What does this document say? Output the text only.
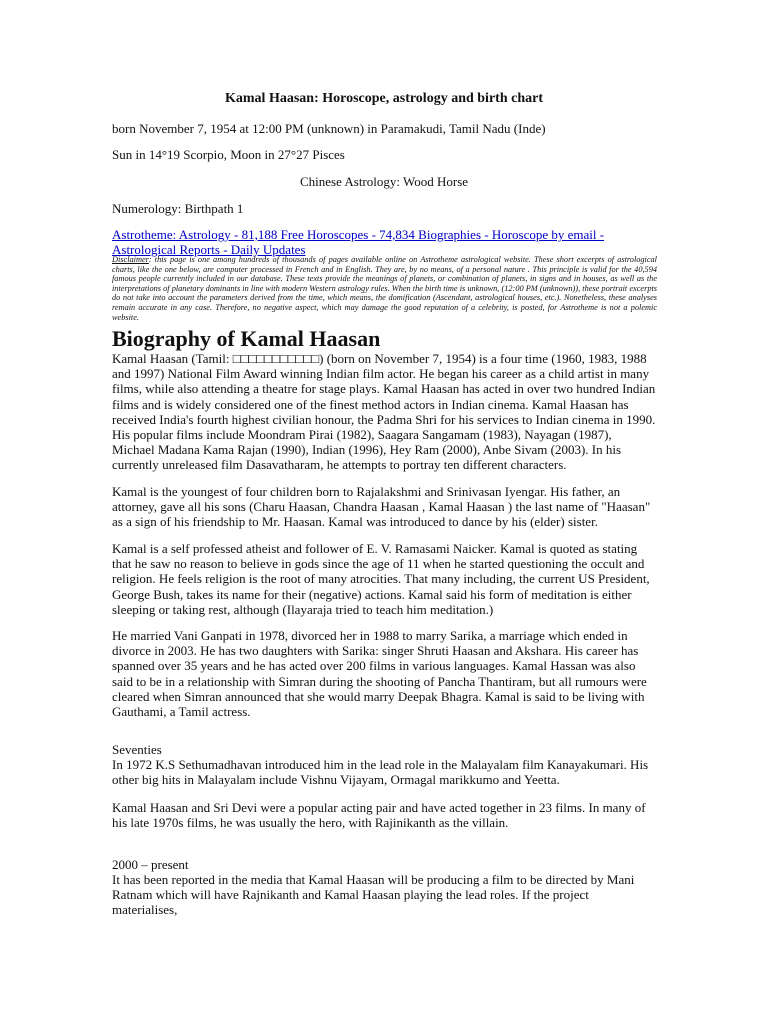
Kamal Haasan: Horoscope, astrology and birth chart
born November 7, 1954 at 12:00 PM (unknown) in Paramakudi, Tamil Nadu (Inde)
Sun in 14°19 Scorpio, Moon in 27°27 Pisces
Chinese Astrology: Wood Horse
Numerology: Birthpath 1
Astrotheme: Astrology - 81,188 Free Horoscopes - 74,834 Biographies - Horoscope by email - Astrological Reports - Daily Updates
Disclaimer: this page is one among hundreds of thousands of pages available online on Astrotheme astrological website. These short excerpts of astrological charts, like the one below, are computer processed in French and in English. They are, by no means, of a personal nature . This principle is valid for the 40,594 famous people currently included in our database. These texts provide the meanings of planets, or combination of planets, in signs and in houses, as well as the interpretations of planetary dominants in line with modern Western astrology rules. When the birth time is unknown, (12:00 PM (unknown)), these portrait excerpts do not take into account the parameters derived from the time, which means, the domification (Ascendant, astrological houses, etc.). Nonetheless, these analyses remain accurate in any case. Therefore, no negative aspect, which may damage the good reputation of a celebrity, is posted, for Astrotheme is not a polemic website.
Biography of Kamal Haasan
Kamal Haasan (Tamil: □□□□□□□□□□□) (born on November 7, 1954) is a four time (1960, 1983, 1988 and 1997) National Film Award winning Indian film actor. He began his career as a child artist in many films, while also attending a theatre for stage plays. Kamal Haasan has acted in over two hundred Indian films and is widely considered one of the finest method actors in Indian cinema. Kamal Haasan has received India's fourth highest civilian honour, the Padma Shri for his services to Indian cinema in 1990. His popular films include Moondram Pirai (1982), Saagara Sangamam (1983), Nayagan (1987), Michael Madana Kama Rajan (1990), Indian (1996), Hey Ram (2000), Anbe Sivam (2003). In his currently unreleased film Dasavatharam, he attempts to portray ten different characters.
Kamal is the youngest of four children born to Rajalakshmi and Srinivasan Iyengar. His father, an attorney, gave all his sons (Charu Haasan, Chandra Haasan , Kamal Haasan ) the last name of "Haasan" as a sign of his friendship to Mr. Haasan. Kamal was introduced to dance by his (elder) sister.
Kamal is a self professed atheist and follower of E. V. Ramasami Naicker. Kamal is quoted as stating that he saw no reason to believe in gods since the age of 11 when he started questioning the occult and religion. He feels religion is the root of many atrocities. That many including, the current US President, George Bush, takes its name for their (negative) actions. Kamal said his form of meditation is either sleeping or taking rest, although (Ilayaraja tried to teach him meditation.)
He married Vani Ganpati in 1978, divorced her in 1988 to marry Sarika, a marriage which ended in divorce in 2003. He has two daughters with Sarika: singer Shruti Haasan and Akshara. His career has spanned over 35 years and he has acted over 200 films in various languages. Kamal Hassan was also said to be in a relationship with Simran during the shooting of Pancha Thantiram, but all rumours were cleared when Simran announced that she would marry Deepak Bhagra. Kamal is said to be living with Gauthami, a Tamil actress.
Seventies
In 1972 K.S Sethumadhavan introduced him in the lead role in the Malayalam film Kanayakumari. His other big hits in Malayalam include Vishnu Vijayam, Ormagal marikkumo and Yeetta.
Kamal Haasan and Sri Devi were a popular acting pair and have acted together in 23 films. In many of his late 1970s films, he was usually the hero, with Rajinikanth as the villain.
2000 – present
It has been reported in the media that Kamal Haasan will be producing a film to be directed by Mani Ratnam which will have Rajnikanth and Kamal Haasan playing the lead roles. If the project materialises,
